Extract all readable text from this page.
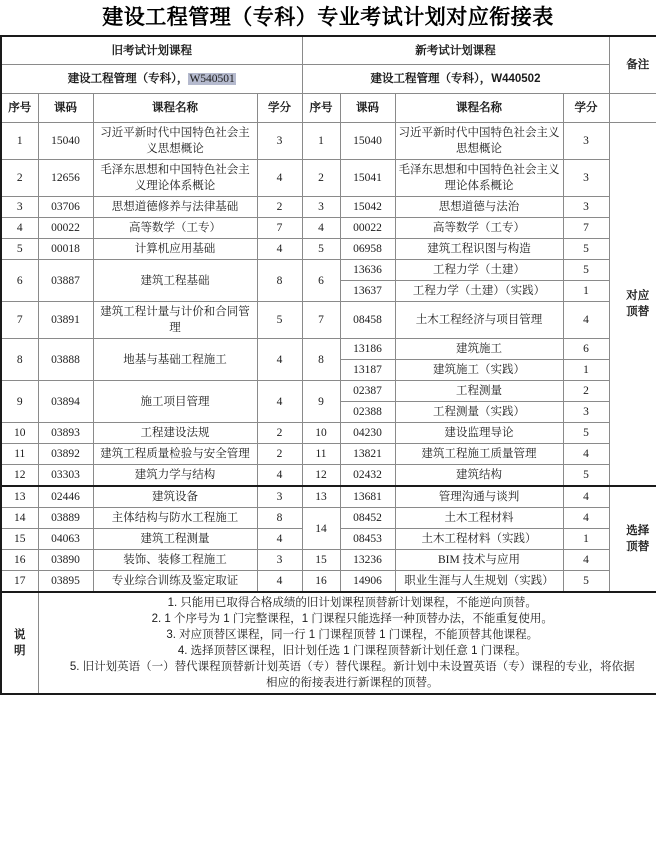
建设工程管理（专科）专业考试计划对应衔接表
旧考试计划课程	新考试计划课程	备注
建设工程管理（专科），W540501	建设工程管理（专科），W440502
序号	课码	课程名称	学分	序号	课码	课程名称	学分	
1	15040	习近平新时代中国特色社会主义思想概论	3	1	15040	习近平新时代中国特色社会主义思想概论	3	对应
顶替

2	12656	毛泽东思想和中国特色社会主义理论体系概论	4	2	15041	毛泽东思想和中国特色社会主义理论体系概论	3
3	03706	思想道德修养与法律基础	2	3	15042	思想道德与法治	3
4	00022	高等数学（工专）	7	4	00022	高等数学（工专）	7
5	00018	计算机应用基础	4	5	06958	建筑工程识图与构造	5
6	03887	建筑工程基础	8	6	13636	工程力学（土建）	5
13637	工程力学（土建）（实践）	1
7	03891	建筑工程计量与计价和合同管理	5	7	08458	土木工程经济与项目管理	4
8	03888	地基与基础工程施工	4	8	13186	建筑施工	6
13187	建筑施工（实践）	1
9	03894	施工项目管理	4	9	02387	工程测量	2
02388	工程测量（实践）	3
10	03893	工程建设法规	2	10	04230	建设监理导论	5
11	03892	建筑工程质量检验与安全管理	2	11	13821	建筑工程施工质量管理	4
12	03303	建筑力学与结构	4	12	02432	建筑结构	5
13	02446	建筑设备	3	13	13681	管理沟通与谈判	4	选择
顶替

14	03889	主体结构与防水工程施工	8	14	08452	土木工程材料	4
15	04063	建筑工程测量	4	08453	土木工程材料（实践）	1
16	03890	装饰、装修工程施工	3	15	13236	BIM 技术与应用	4
17	03895	专业综合训练及鉴定取证	4	16	14906	职业生涯与人生规划（实践）	5

说
明

1. 只能用已取得合格成绩的旧计划课程顶替新计划课程，不能逆向顶替。
2. 1 个序号为 1 门完整课程，1 门课程只能选择一种顶替办法，不能重复使用。
3. 对应顶替区课程，同一行 1 门课程顶替 1 门课程，不能顶替其他课程。
4. 选择顶替区课程，旧计划任选 1 门课程顶替新计划任意 1 门课程。
5. 旧计划英语（一）替代课程顶替新计划英语（专）替代课程。新计划中未设置英语（专）课程的专业，将依据
相应的衔接表进行新课程的顶替。
